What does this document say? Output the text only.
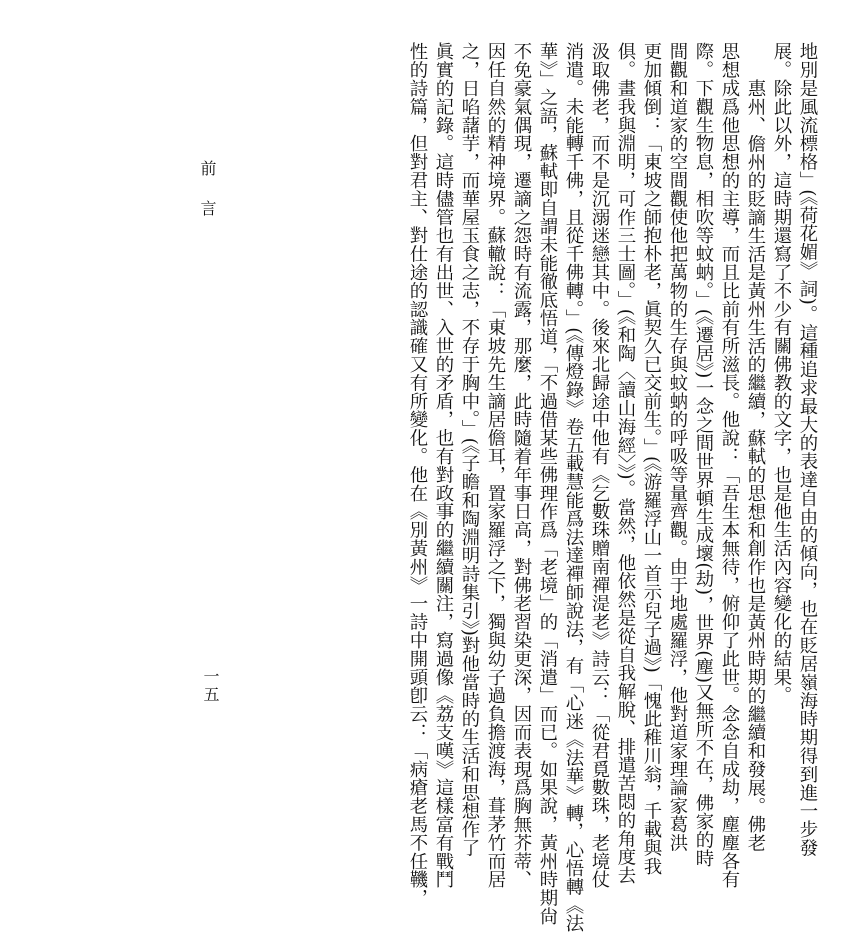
地別是風流標格」(《荷花媚》詞)。這種追求最大的表達自由的傾向，也在貶居嶺海時期得到進一步發
展。除此以外，這時期還寫了不少有關佛教的文字，也是他生活內容變化的結果。
惠州、儋州的貶謫生活是黃州生活的繼續，蘇軾的思想和創作也是黃州時期的繼續和發展。佛老
思想成爲他思想的主導，而且比前有所滋長。他說：「吾生本無待，俯仰了此世。念念自成劫，塵塵各有
際。下觀生物息，相吹等蚊蚋。」(《遷居》)一念之間世界頓生成壞(劫)，世界(塵)又無所不在，佛家的時
間觀和道家的空間觀使他把萬物的生存與蚊蚋的呼吸等量齊觀。由于地處羅浮，他對道家理論家葛洪
更加傾倒：「東坡之師抱朴老，眞契久已交前生。」(《游羅浮山一首示兒子過》)「愧此稚川翁，千載與我
俱。畫我與淵明，可作三士圖。」(《和陶〈讀山海經〉》)。當然，他依然是從自我解脫、排遣苦悶的角度去
汲取佛老，而不是沉溺迷戀其中。後來北歸途中他有《乞數珠贈南禪湜老》詩云：「從君覓數珠，老境仗
消遣。未能轉千佛，且從千佛轉。」(《傳燈錄》卷五載慧能爲法達禪師說法，有「心迷《法華》轉，心悟轉《法
華》」之語，蘇軾即自謂未能徹底悟道，「不過借某些佛理作爲「老境」的「消遣」而已。如果說，黃州時期尙
不免豪氣偶現，遷謫之怨時有流露，那麼，此時隨着年事日高，對佛老習染更深，因而表現爲胸無芥蒂、
因任自然的精神境界。蘇轍說：「東坡先生謫居儋耳，置家羅浮之下，獨與幼子過負擔渡海，葺茅竹而居
之，日啗藷芋，而華屋玉食之志，不存于胸中。」(《子瞻和陶淵明詩集引》)對他當時的生活和思想作了
眞實的記錄。這時儘管也有出世、入世的矛盾，也有對政事的繼續關注，寫過像《荔支嘆》這樣富有戰鬥
性的詩篇，但對君主、對仕途的認識確又有所變化。他在《別黃州》一詩中開頭卽云：「病瘡老馬不任鞿，
前言
一五
